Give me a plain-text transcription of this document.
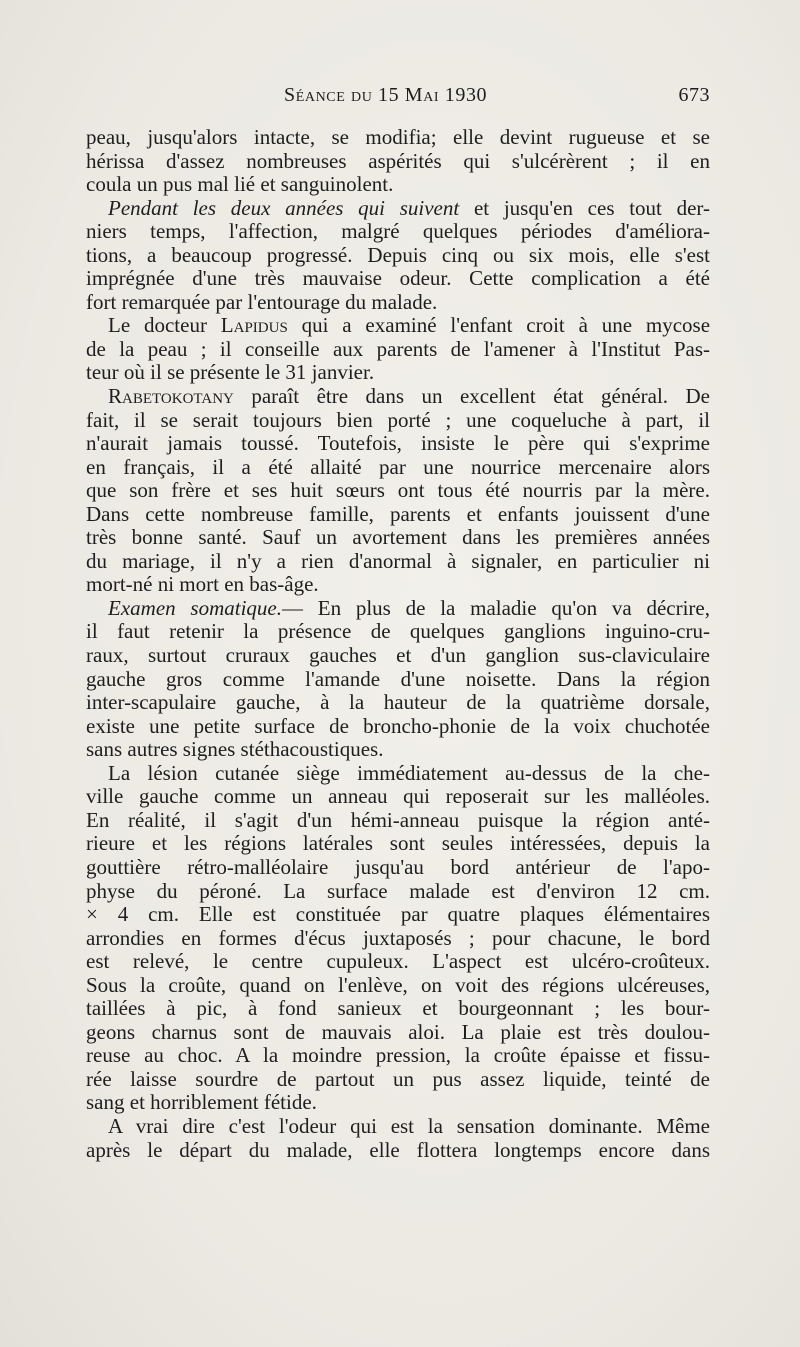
Séance du 15 Mai 1930	673
peau, jusqu'alors intacte, se modifia; elle devint rugueuse et se
hérissa d'assez nombreuses aspérités qui s'ulcérèrent ; il en
coula un pus mal lié et sanguinolent.
Pendant les deux années qui suivent et jusqu'en ces tout der-
niers temps, l'affection, malgré quelques périodes d'améliora-
tions, a beaucoup progressé. Depuis cinq ou six mois, elle s'est
imprégnée d'une très mauvaise odeur. Cette complication a été
fort remarquée par l'entourage du malade.
Le docteur Lapidus qui a examiné l'enfant croit à une mycose
de la peau ; il conseille aux parents de l'amener à l'Institut Pas-
teur où il se présente le 31 janvier.
Rabetokotany paraît être dans un excellent état général. De
fait, il se serait toujours bien porté ; une coqueluche à part, il
n'aurait jamais toussé. Toutefois, insiste le père qui s'exprime
en français, il a été allaité par une nourrice mercenaire alors
que son frère et ses huit sœurs ont tous été nourris par la mère.
Dans cette nombreuse famille, parents et enfants jouissent d'une
très bonne santé. Sauf un avortement dans les premières années
du mariage, il n'y a rien d'anormal à signaler, en particulier ni
mort-né ni mort en bas-âge.
Examen somatique.— En plus de la maladie qu'on va décrire,
il faut retenir la présence de quelques ganglions inguino-cru-
raux, surtout cruraux gauches et d'un ganglion sus-claviculaire
gauche gros comme l'amande d'une noisette. Dans la région
inter-scapulaire gauche, à la hauteur de la quatrième dorsale,
existe une petite surface de broncho-phonie de la voix chuchotée
sans autres signes stéthacoustiques.
La lésion cutanée siège immédiatement au-dessus de la che-
ville gauche comme un anneau qui reposerait sur les malléoles.
En réalité, il s'agit d'un hémi-anneau puisque la région anté-
rieure et les régions latérales sont seules intéressées, depuis la
gouttière rétro-malléolaire jusqu'au bord antérieur de l'apo-
physe du péroné. La surface malade est d'environ 12 cm.
× 4 cm. Elle est constituée par quatre plaques élémentaires
arrondies en formes d'écus juxtaposés ; pour chacune, le bord
est relevé, le centre cupuleux. L'aspect est ulcéro-croûteux.
Sous la croûte, quand on l'enlève, on voit des régions ulcéreuses,
taillées à pic, à fond sanieux et bourgeonnant ; les bour-
geons charnus sont de mauvais aloi. La plaie est très doulou-
reuse au choc. A la moindre pression, la croûte épaisse et fissu-
rée laisse sourdre de partout un pus assez liquide, teinté de
sang et horriblement fétide.
A vrai dire c'est l'odeur qui est la sensation dominante. Même
après le départ du malade, elle flottera longtemps encore dans
